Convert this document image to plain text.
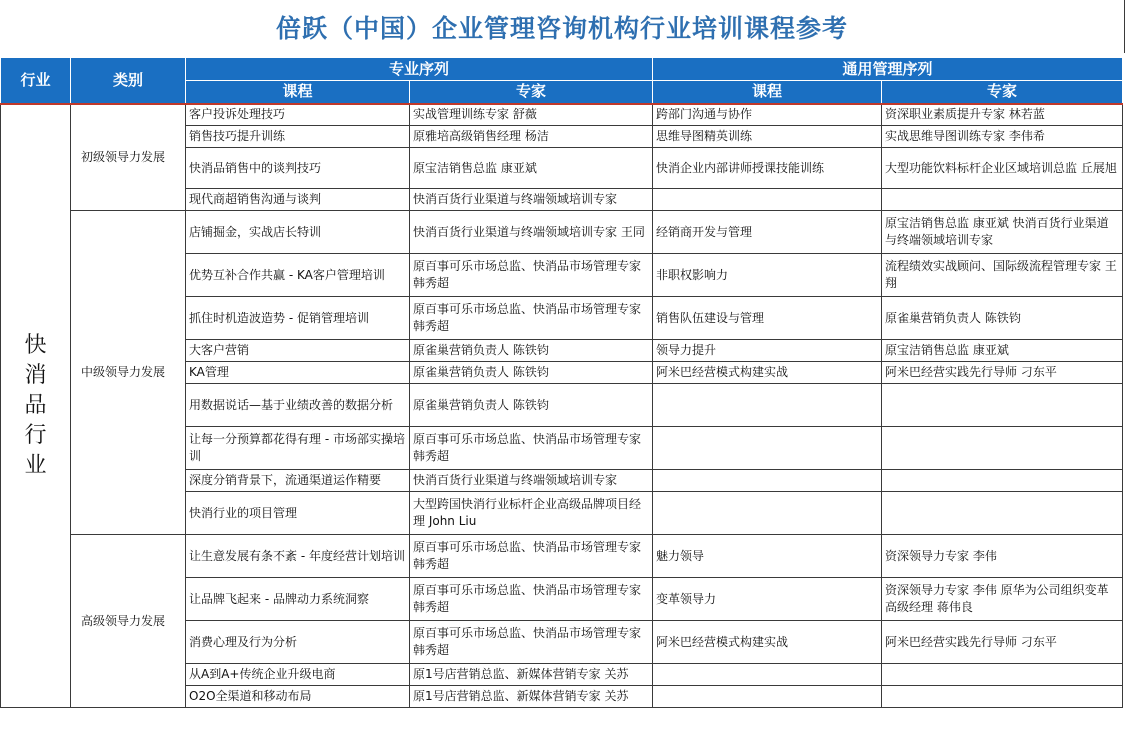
倍跃（中国）企业管理咨询机构行业培训课程参考
行业	类别	专业序列		通用管理序列	
		课程	专家	课程	专家
快消品行业	初级领导力发展	客户投诉处理技巧	实战管理训练专家 舒薇	跨部门沟通与协作	资深职业素质提升专家 林若蓝
		销售技巧提升训练	原雅培高级销售经理 杨洁	思维导图精英训练	实战思维导图训练专家 李伟希
		快消品销售中的谈判技巧	原宝洁销售总监 康亚斌	快消企业内部讲师授课技能训练	大型功能饮料标杆企业区域培训总监 丘展旭
		现代商超销售沟通与谈判	快消百货行业渠道与终端领域培训专家		
	中级领导力发展	店铺掘金，实战店长特训	快消百货行业渠道与终端领域培训专家 王同	经销商开发与管理	原宝洁销售总监 康亚斌 快消百货行业渠道与终端领域培训专家
		优势互补合作共赢 - KA客户管理培训	原百事可乐市场总监、快消品市场管理专家 韩秀超	非职权影响力	流程绩效实战顾问、国际级流程管理专家 王翔
		抓住时机造波造势 - 促销管理培训	原百事可乐市场总监、快消品市场管理专家 韩秀超	销售队伍建设与管理	原雀巢营销负责人 陈铁钧
		大客户营销	原雀巢营销负责人 陈铁钧	领导力提升	原宝洁销售总监 康亚斌
		KA管理	原雀巢营销负责人 陈铁钧	阿米巴经营模式构建实战	阿米巴经营实践先行导师 刁东平
		用数据说话—基于业绩改善的数据分析	原雀巢营销负责人 陈铁钧		
		让每一分预算都花得有理 - 市场部实操培训	原百事可乐市场总监、快消品市场管理专家 韩秀超		
		深度分销背景下，流通渠道运作精要	快消百货行业渠道与终端领域培训专家		
		快消行业的项目管理	大型跨国快消行业标杆企业高级品牌项目经理 John Liu		
	高级领导力发展	让生意发展有条不紊 - 年度经营计划培训	原百事可乐市场总监、快消品市场管理专家 韩秀超	魅力领导	资深领导力专家 李伟
		让品牌飞起来 - 品牌动力系统洞察	原百事可乐市场总监、快消品市场管理专家 韩秀超	变革领导力	资深领导力专家 李伟 原华为公司组织变革高级经理 蒋伟良
		消费心理及行为分析	原百事可乐市场总监、快消品市场管理专家 韩秀超	阿米巴经营模式构建实战	阿米巴经营实践先行导师 刁东平
		从A到A+传统企业升级电商	原1号店营销总监、新媒体营销专家 关苏		
		O2O全渠道和移动布局	原1号店营销总监、新媒体营销专家 关苏		
